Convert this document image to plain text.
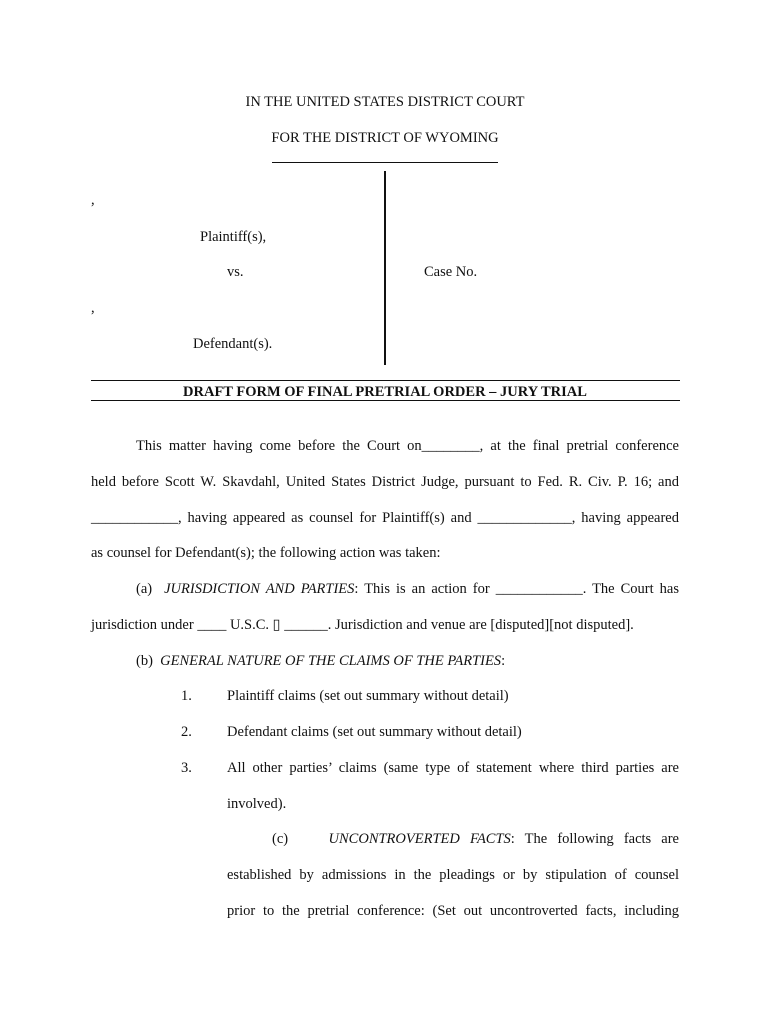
IN THE UNITED STATES DISTRICT COURT
FOR THE DISTRICT OF WYOMING
,
Plaintiff(s),
vs.
,
Defendant(s).
Case No.
DRAFT FORM OF FINAL PRETRIAL ORDER – JURY TRIAL
This matter having come before the Court on________, at the final pretrial conference
held before Scott W. Skavdahl, United States District Judge, pursuant to Fed. R. Civ. P. 16; and
____________, having appeared as counsel for Plaintiff(s) and _____________, having appeared
as counsel for Defendant(s); the following action was taken:
(a) JURISDICTION AND PARTIES: This is an action for ____________. The Court has
jurisdiction under ____ U.S.C. ▯ ______. Jurisdiction and venue are [disputed][not disputed].
(b) GENERAL NATURE OF THE CLAIMS OF THE PARTIES:
1. Plaintiff claims (set out summary without detail)
2. Defendant claims (set out summary without detail)
3. All other parties’ claims (same type of statement where third parties are
involved).
(c)	UNCONTROVERTED FACTS: The following facts are
established by admissions in the pleadings or by stipulation of counsel
prior to the pretrial conference: (Set out uncontroverted facts, including
